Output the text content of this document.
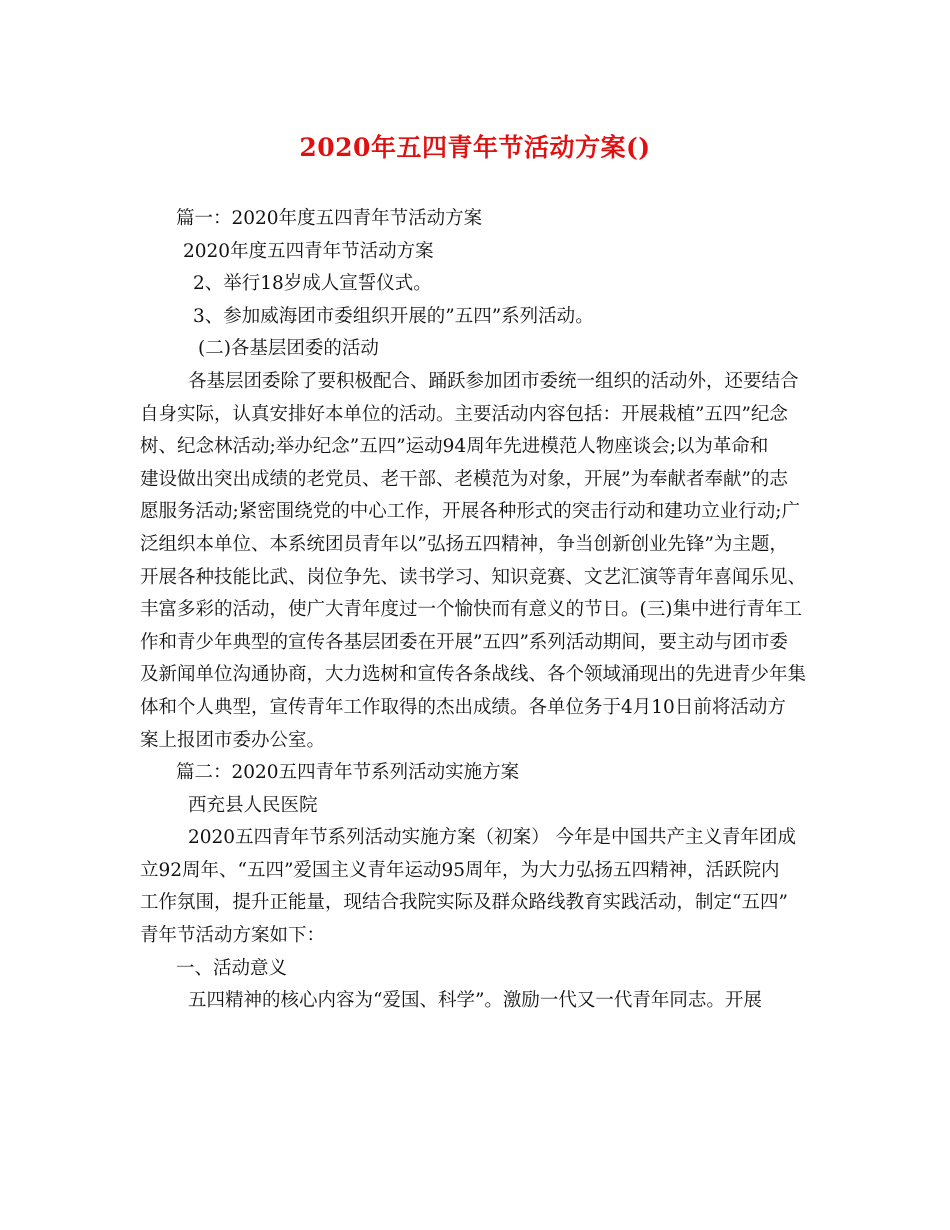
2020年五四青年节活动方案()

篇一：2020年度五四青年节活动方案

2020年度五四青年节活动方案

2、举行18岁成人宣誓仪式。

3、参加威海团市委组织开展的”五四”系列活动。

(二)各基层团委的活动

各基层团委除了要积极配合、踊跃参加团市委统一组织的活动外，还要结合

自身实际，认真安排好本单位的活动。主要活动内容包括：开展栽植”五四”纪念

树、纪念林活动;举办纪念”五四”运动94周年先进模范人物座谈会;以为革命和

建设做出突出成绩的老党员、老干部、老模范为对象，开展”为奉献者奉献”的志

愿服务活动;紧密围绕党的中心工作，开展各种形式的突击行动和建功立业行动;广

泛组织本单位、本系统团员青年以”弘扬五四精神，争当创新创业先锋”为主题，

开展各种技能比武、岗位争先、读书学习、知识竞赛、文艺汇演等青年喜闻乐见、

丰富多彩的活动，使广大青年度过一个愉快而有意义的节日。(三)集中进行青年工

作和青少年典型的宣传各基层团委在开展”五四”系列活动期间，要主动与团市委

及新闻单位沟通协商，大力选树和宣传各条战线、各个领域涌现出的先进青少年集

体和个人典型，宣传青年工作取得的杰出成绩。各单位务于4月10日前将活动方

案上报团市委办公室。

篇二：2020五四青年节系列活动实施方案

西充县人民医院

2020五四青年节系列活动实施方案（初案） 今年是中国共产主义青年团成

立92周年、“五四”爱国主义青年运动95周年，为大力弘扬五四精神，活跃院内

工作氛围，提升正能量，现结合我院实际及群众路线教育实践活动，制定“五四”

青年节活动方案如下：

一、活动意义

五四精神的核心内容为“爱国、科学”。激励一代又一代青年同志。开展
